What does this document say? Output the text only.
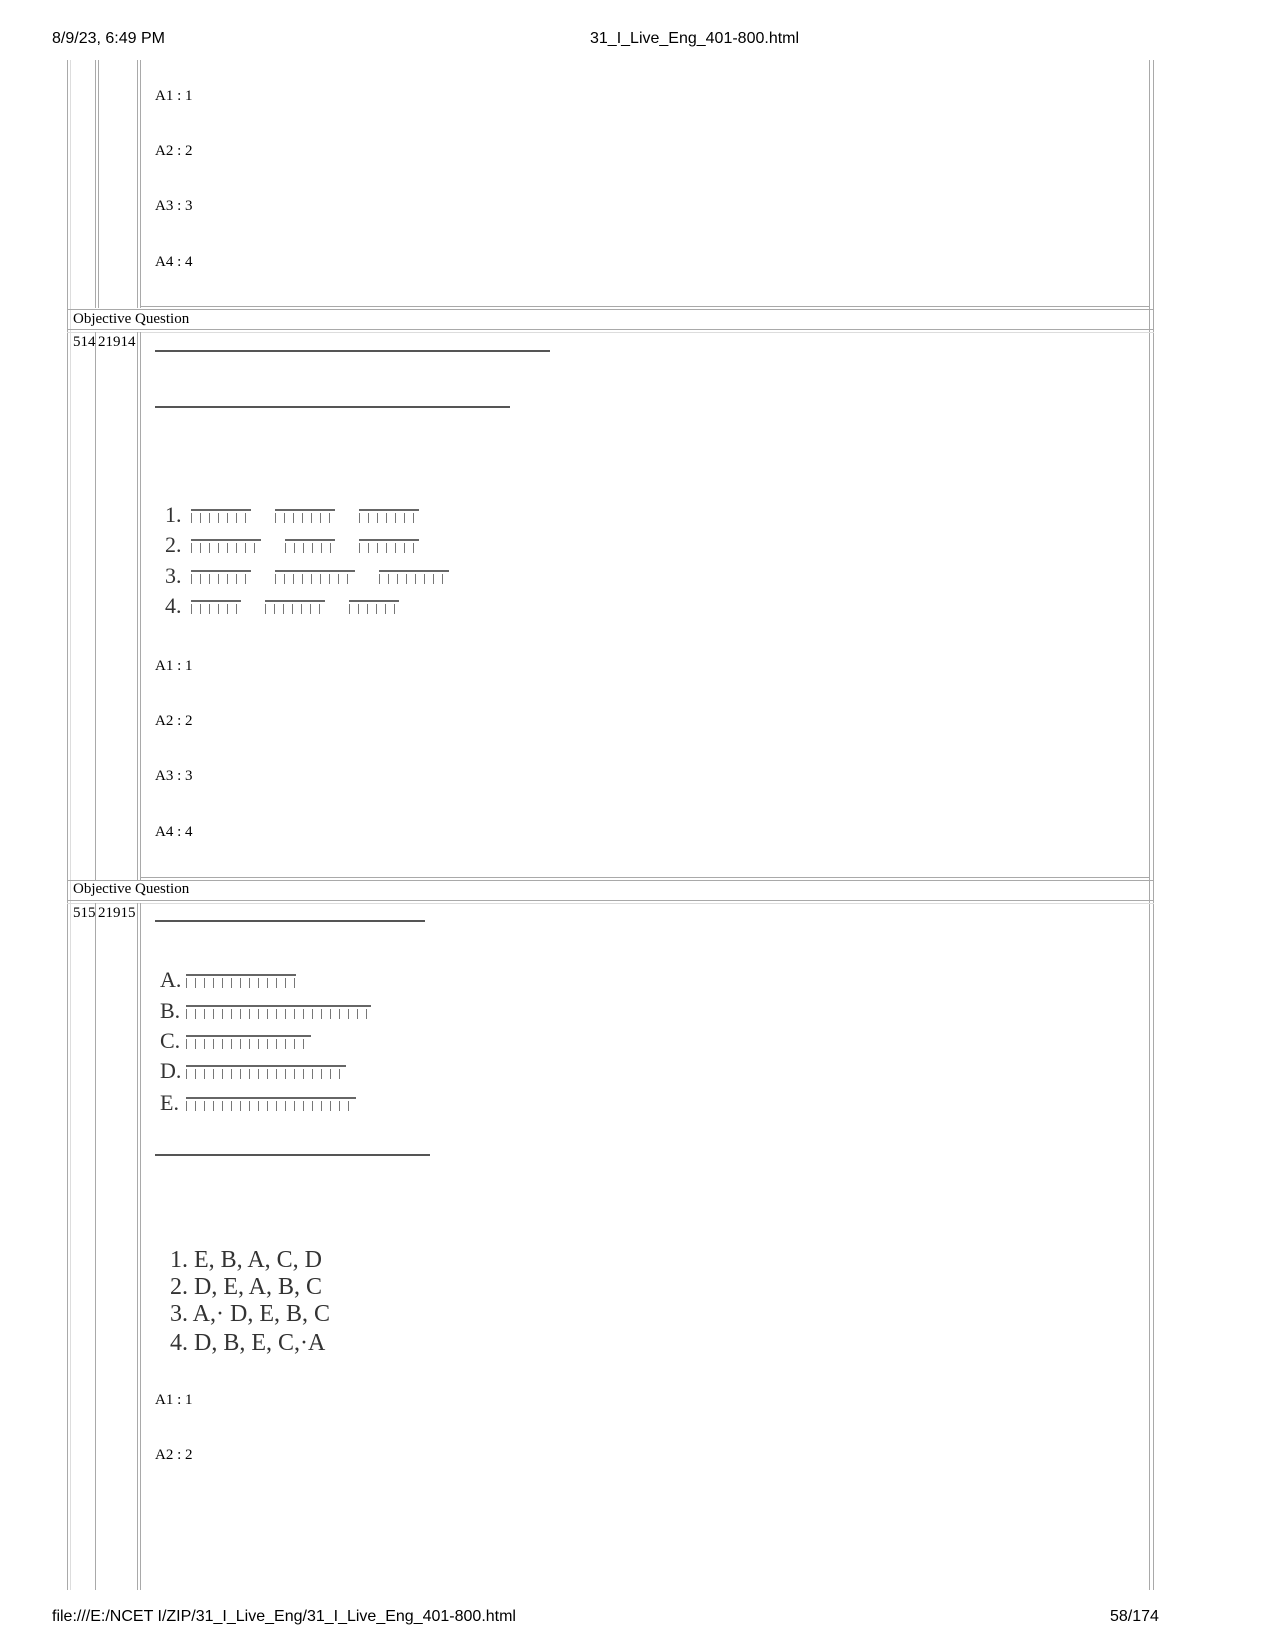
8/9/23, 6:49 PM	31_I_Live_Eng_401-800.html
A1 : 1
A2 : 2
A3 : 3
A4 : 4
Objective Question
514 21914
1.
2.
3.
4.
A1 : 1
A2 : 2
A3 : 3
A4 : 4
Objective Question
515 21915
A.
B.
C.
D.
E.
1. E, B, A, C, D
2. D, E, A, B, C
3. A,· D, E, B, C
4. D, B, E, C,·A
A1 : 1
A2 : 2
file:///E:/NCET I/ZIP/31_I_Live_Eng/31_I_Live_Eng_401-800.html	58/174
